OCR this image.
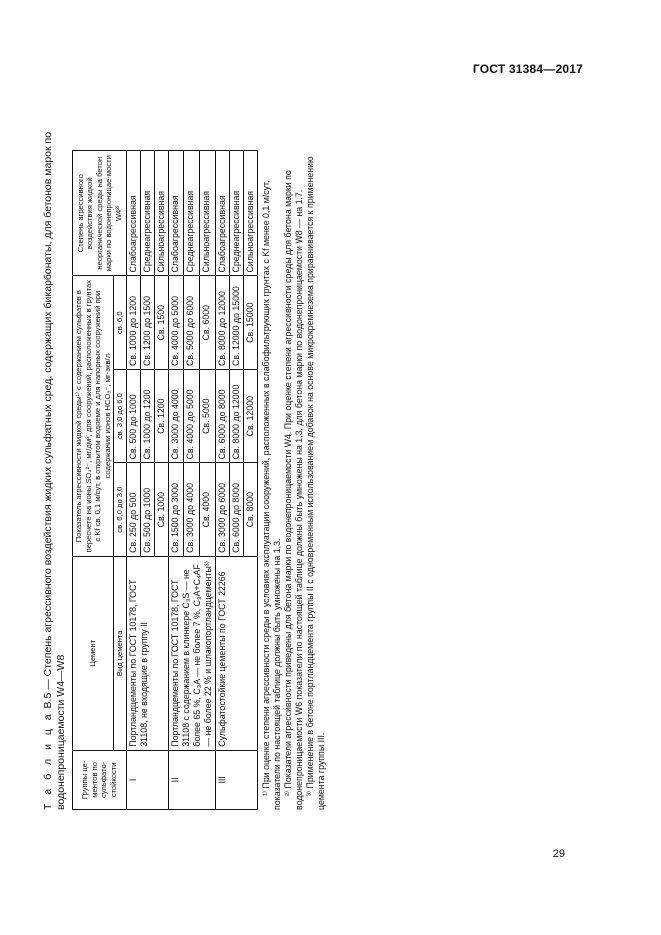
ГОСТ 31384—2017
Т а б л и ц а В.5 — Степень агрессивного воздействия жидких сульфатных сред, содержащих бикарбонаты, для бетонов марок по водонепроницаемости W4—W8 Группы це-ментов по сульфато-стойкости	Цемент	Показатель агрессивности жидкой среды¹⁾ с содержанием сульфатов в пересчете на ионы SO₄²⁻, мг/дм³, для сооружений, расположенных в грунтах с Kf св. 0,1 м/сут, в открытом водоеме и для напорных сооружений при содержании ионов HCO₃⁻, мг-экв/л			Степень агрессивного воздействия жидкой неорганической среды на бетон марки по водонепроницае-мости W4²⁾
		св. 0,0 до 3,0	св. 3,0 до 6,0	св. 6,0	
	Вид цемента				
I	Портландцементы по ГОСТ 10178, ГОСТ 31108, не входящие в группу II	Св. 250 до 500	Св. 500 до 1000	Св. 1000 до 1200	Слабоагрессивная
		Св. 500 до 1000	Св. 1000 до 1200	Св. 1200 до 1500	Среднеагрессивная
		Св. 1000	Св. 1200	Св. 1500	Сильноагрессивная
II	Портландцементы по ГОСТ 10178, ГОСТ 31108 с содержанием в клинкере C₃S — не более 65 %, C₃A — не более 7 %, C₃A+C₄AF — не более 22 % и шлакопортландцементы³⁾	Св. 1500 до 3000	Св. 3000 до 4000	Св. 4000 до 5000	Слабоагрессивная
		Св. 3000 до 4000	Св. 4000 до 5000	Св. 5000 до 6000	Среднеагрессивная
		Св. 4000	Св. 5000	Св. 6000	Сильноагрессивная
III	Сульфатостойкие цементы по ГОСТ 22266	Св. 3000 до 6000	Св. 6000 до 8000	Св. 8000 до 12000	Слабоагрессивная
		Св. 6000 до 8000	Св. 8000 до 12000	Св. 12000 до 15000	Среднеагрессивная
		Св. 8000	Св. 12000	Св. 15000	Сильноагрессивная ¹⁾ При оценке степени агрессивности среды в условиях эксплуатации сооружений, расположенных в слабофильтрующих грунтах с Kf менее 0,1 м/сут, показатели по настоящей таблице должны быть умножены на 1,3. ²⁾ Показатели агрессивности приведены для бетона марки по водонепроницаемости W4. При оценке степени агрессивности среды для бетона марки по водонепроницаемости W6 показатели по настоящей таблице должны быть умножены на 1,3, для бетона марки по водонепроницаемости W8 — на 1,7. ³⁾ Применение в бетоне портландцемента группы II с одновременным использованием добавок на основе микрокремнезема приравнивается к применению цемента группы III.

29
